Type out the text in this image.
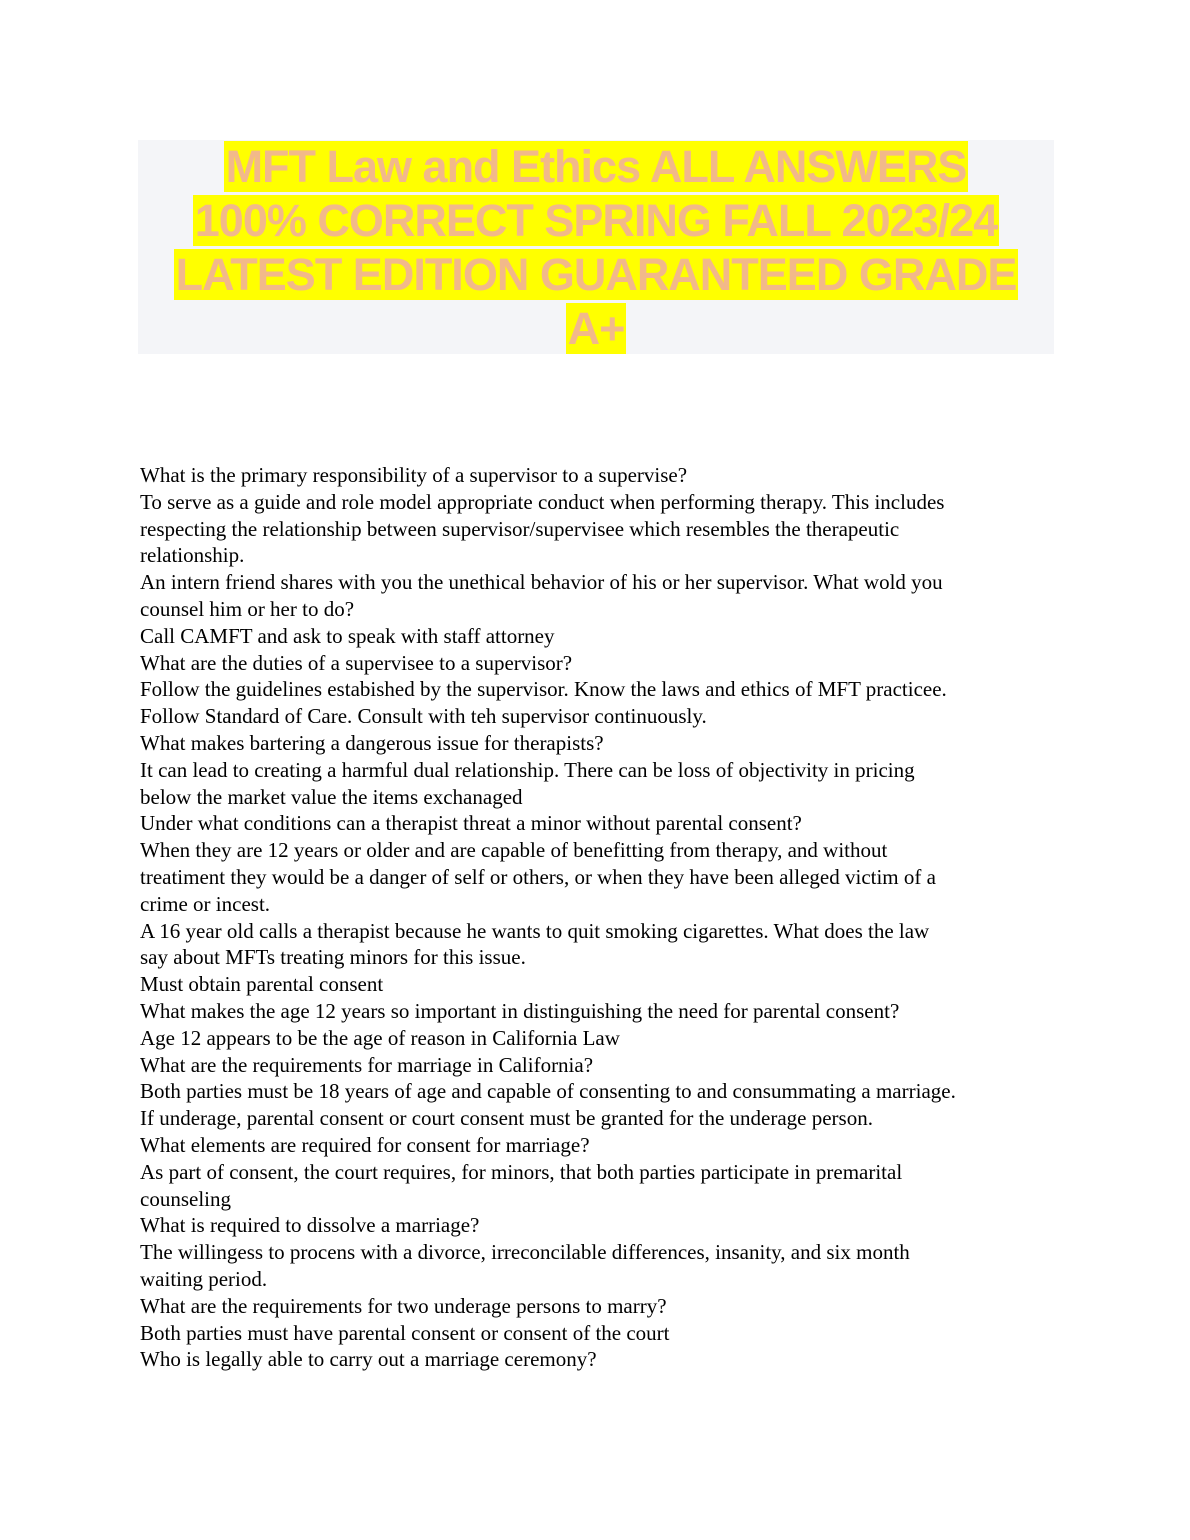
MFT Law and Ethics ALL ANSWERS
100% CORRECT SPRING FALL 2023/24
LATEST EDITION GUARANTEED GRADE
A+
What is the primary responsibility of a supervisor to a supervise?
To serve as a guide and role model appropriate conduct when performing therapy. This includes
respecting the relationship between supervisor/supervisee which resembles the therapeutic
relationship.
An intern friend shares with you the unethical behavior of his or her supervisor. What wold you
counsel him or her to do?
Call CAMFT and ask to speak with staff attorney
What are the duties of a supervisee to a supervisor?
Follow the guidelines estabished by the supervisor. Know the laws and ethics of MFT practicee.
Follow Standard of Care. Consult with teh supervisor continuously.
What makes bartering a dangerous issue for therapists?
It can lead to creating a harmful dual relationship. There can be loss of objectivity in pricing
below the market value the items exchanaged
Under what conditions can a therapist threat a minor without parental consent?
When they are 12 years or older and are capable of benefitting from therapy, and without
treatiment they would be a danger of self or others, or when they have been alleged victim of a
crime or incest.
A 16 year old calls a therapist because he wants to quit smoking cigarettes. What does the law
say about MFTs treating minors for this issue.
Must obtain parental consent
What makes the age 12 years so important in distinguishing the need for parental consent?
Age 12 appears to be the age of reason in California Law
What are the requirements for marriage in California?
Both parties must be 18 years of age and capable of consenting to and consummating a marriage.
If underage, parental consent or court consent must be granted for the underage person.
What elements are required for consent for marriage?
As part of consent, the court requires, for minors, that both parties participate in premarital
counseling
What is required to dissolve a marriage?
The willingess to procens with a divorce, irreconcilable differences, insanity, and six month
waiting period.
What are the requirements for two underage persons to marry?
Both parties must have parental consent or consent of the court
Who is legally able to carry out a marriage ceremony?
